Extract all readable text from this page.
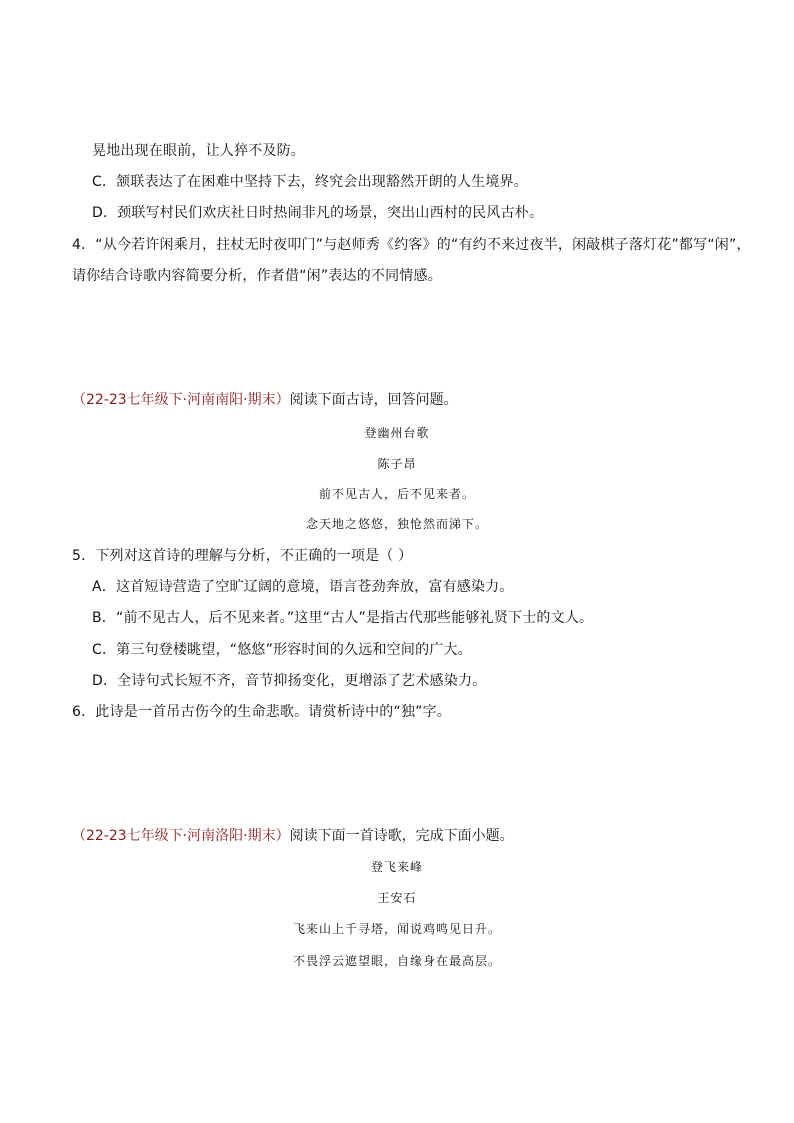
晃地出现在眼前，让人猝不及防。
C．颔联表达了在困难中坚持下去，终究会出现豁然开朗的人生境界。
D．颈联写村民们欢庆社日时热闹非凡的场景，突出山西村的民风古朴。
4．“从今若许闲乘月，拄杖无时夜叩门”与赵师秀《约客》的“有约不来过夜半，闲敲棋子落灯花”都写“闲”，
请你结合诗歌内容简要分析，作者借“闲”表达的不同情感。
（22-23七年级下·河南南阳·期末）阅读下面古诗，回答问题。
登幽州台歌
陈子昂
前不见古人，后不见来者。
念天地之悠悠，独怆然而涕下。
5．下列对这首诗的理解与分析，不正确的一项是（ ）
A．这首短诗营造了空旷辽阔的意境，语言苍劲奔放，富有感染力。
B．“前不见古人，后不见来者。”这里“古人”是指古代那些能够礼贤下士的文人。
C．第三句登楼眺望，“悠悠”形容时间的久远和空间的广大。
D．全诗句式长短不齐，音节抑扬变化，更增添了艺术感染力。
6．此诗是一首吊古伤今的生命悲歌。请赏析诗中的“独”字。
（22-23七年级下·河南洛阳·期末）阅读下面一首诗歌，完成下面小题。
登飞来峰
王安石
飞来山上千寻塔，闻说鸡鸣见日升。
不畏浮云遮望眼，自缘身在最高层。
